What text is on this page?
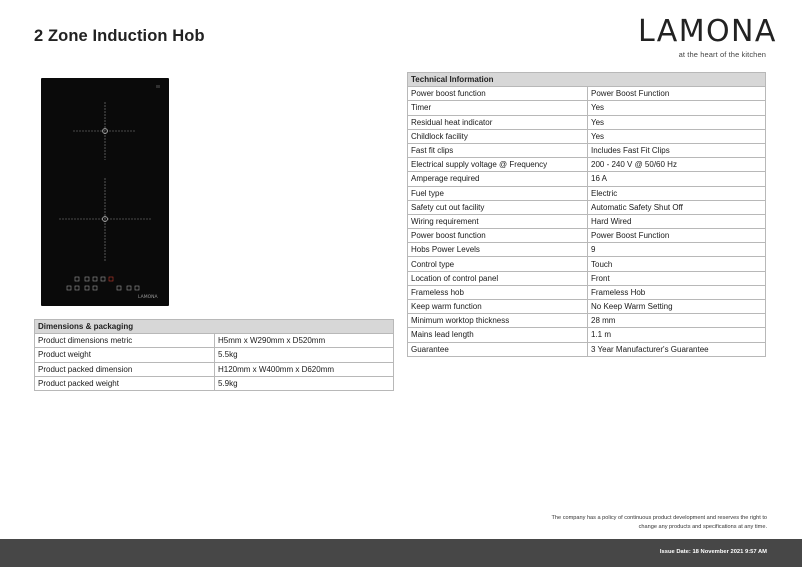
2 Zone Induction Hob	LAMONA
at the heart of the kitchen
LAMONA
Technical Information	
Power boost function	Power Boost Function
Timer	Yes
Residual heat indicator	Yes
Childlock facility	Yes
Fast fit clips	Includes Fast Fit Clips
Electrical supply voltage @ Frequency	200 - 240 V @ 50/60 Hz
Amperage required	16 A
Fuel type	Electric
Safety cut out facility	Automatic Safety Shut Off
Wiring requirement	Hard Wired
Power boost function	Power Boost Function
Hobs Power Levels	9
Control type	Touch
Location of control panel	Front
Frameless hob	Frameless Hob
Keep warm function	No Keep Warm Setting
Minimum worktop thickness	28 mm
Mains lead length	1.1 m
Guarantee	3 Year Manufacturer's Guarantee
Dimensions & packaging	
Product dimensions metric	H5mm x W290mm x D520mm
Product weight	5.5kg
Product packed dimension	H120mm x W400mm x D620mm
Product packed weight	5.9kg
The company has a policy of continuous product development and reserves the right to
change any products and specifications at any time.
Issue Date: 18 November 2021 9:57 AM
